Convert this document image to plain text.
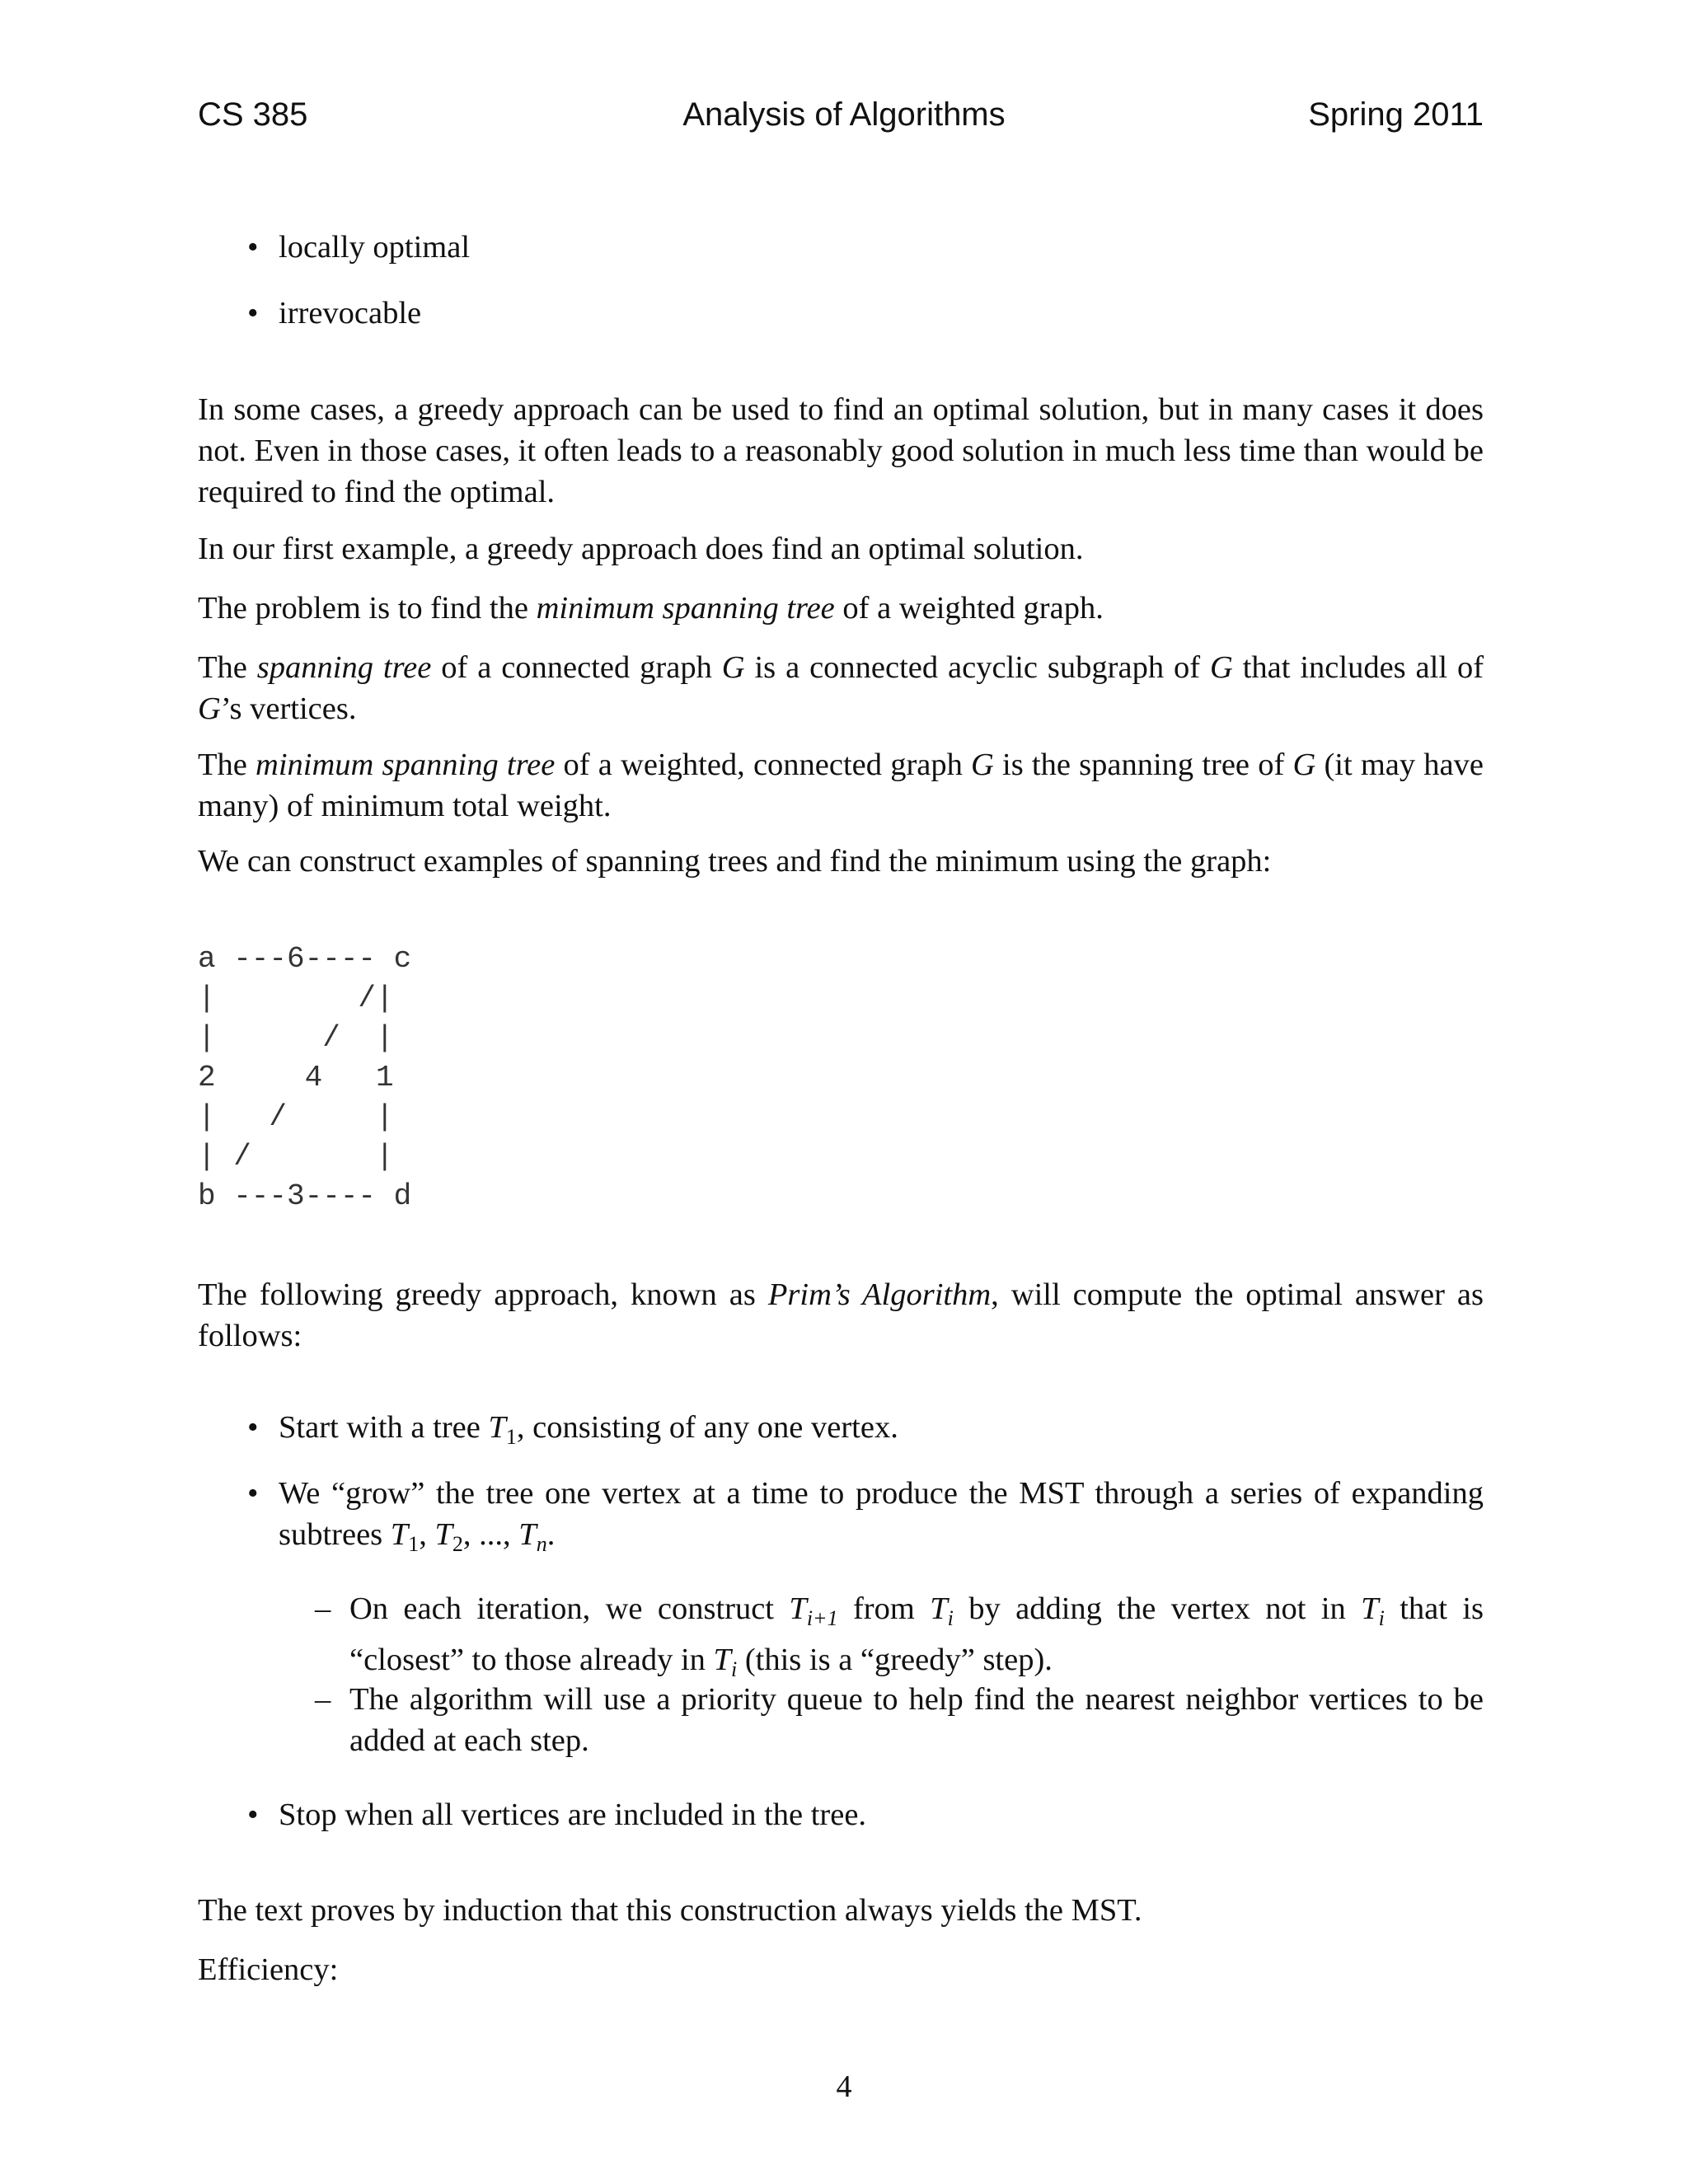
CS 385	Analysis of Algorithms	Spring 2011
• locally optimal
• irrevocable

In some cases, a greedy approach can be used to find an optimal solution, but in many cases it does not. Even in those cases, it often leads to a reasonably good solution in much less time than would be required to find the optimal.

In our first example, a greedy approach does find an optimal solution.

The problem is to find the minimum spanning tree of a weighted graph.

The spanning tree of a connected graph G is a connected acyclic subgraph of G that includes all of G’s vertices.

The minimum spanning tree of a weighted, connected graph G is the spanning tree of G (it may have many) of minimum total weight.

We can construct examples of spanning trees and find the minimum using the graph:

a ---6---- c
|        /|
|      /  |
2     4   1
|   /     |
| /       |
b ---3---- d

The following greedy approach, known as Prim’s Algorithm, will compute the optimal answer as follows:

• Start with a tree $T_1$, consisting of any one vertex.
• We “grow” the tree one vertex at a time to produce the MST through a series of expanding subtrees $T_1$, $T_2$, ..., $T_n$.
– On each iteration, we construct $T_{i+1}$ from $T_i$ by adding the vertex not in $T_i$ that is “closest” to those already in $T_i$ (this is a “greedy” step).
– The algorithm will use a priority queue to help find the nearest neighbor vertices to be added at each step.
• Stop when all vertices are included in the tree.

The text proves by induction that this construction always yields the MST.

Efficiency:

4
